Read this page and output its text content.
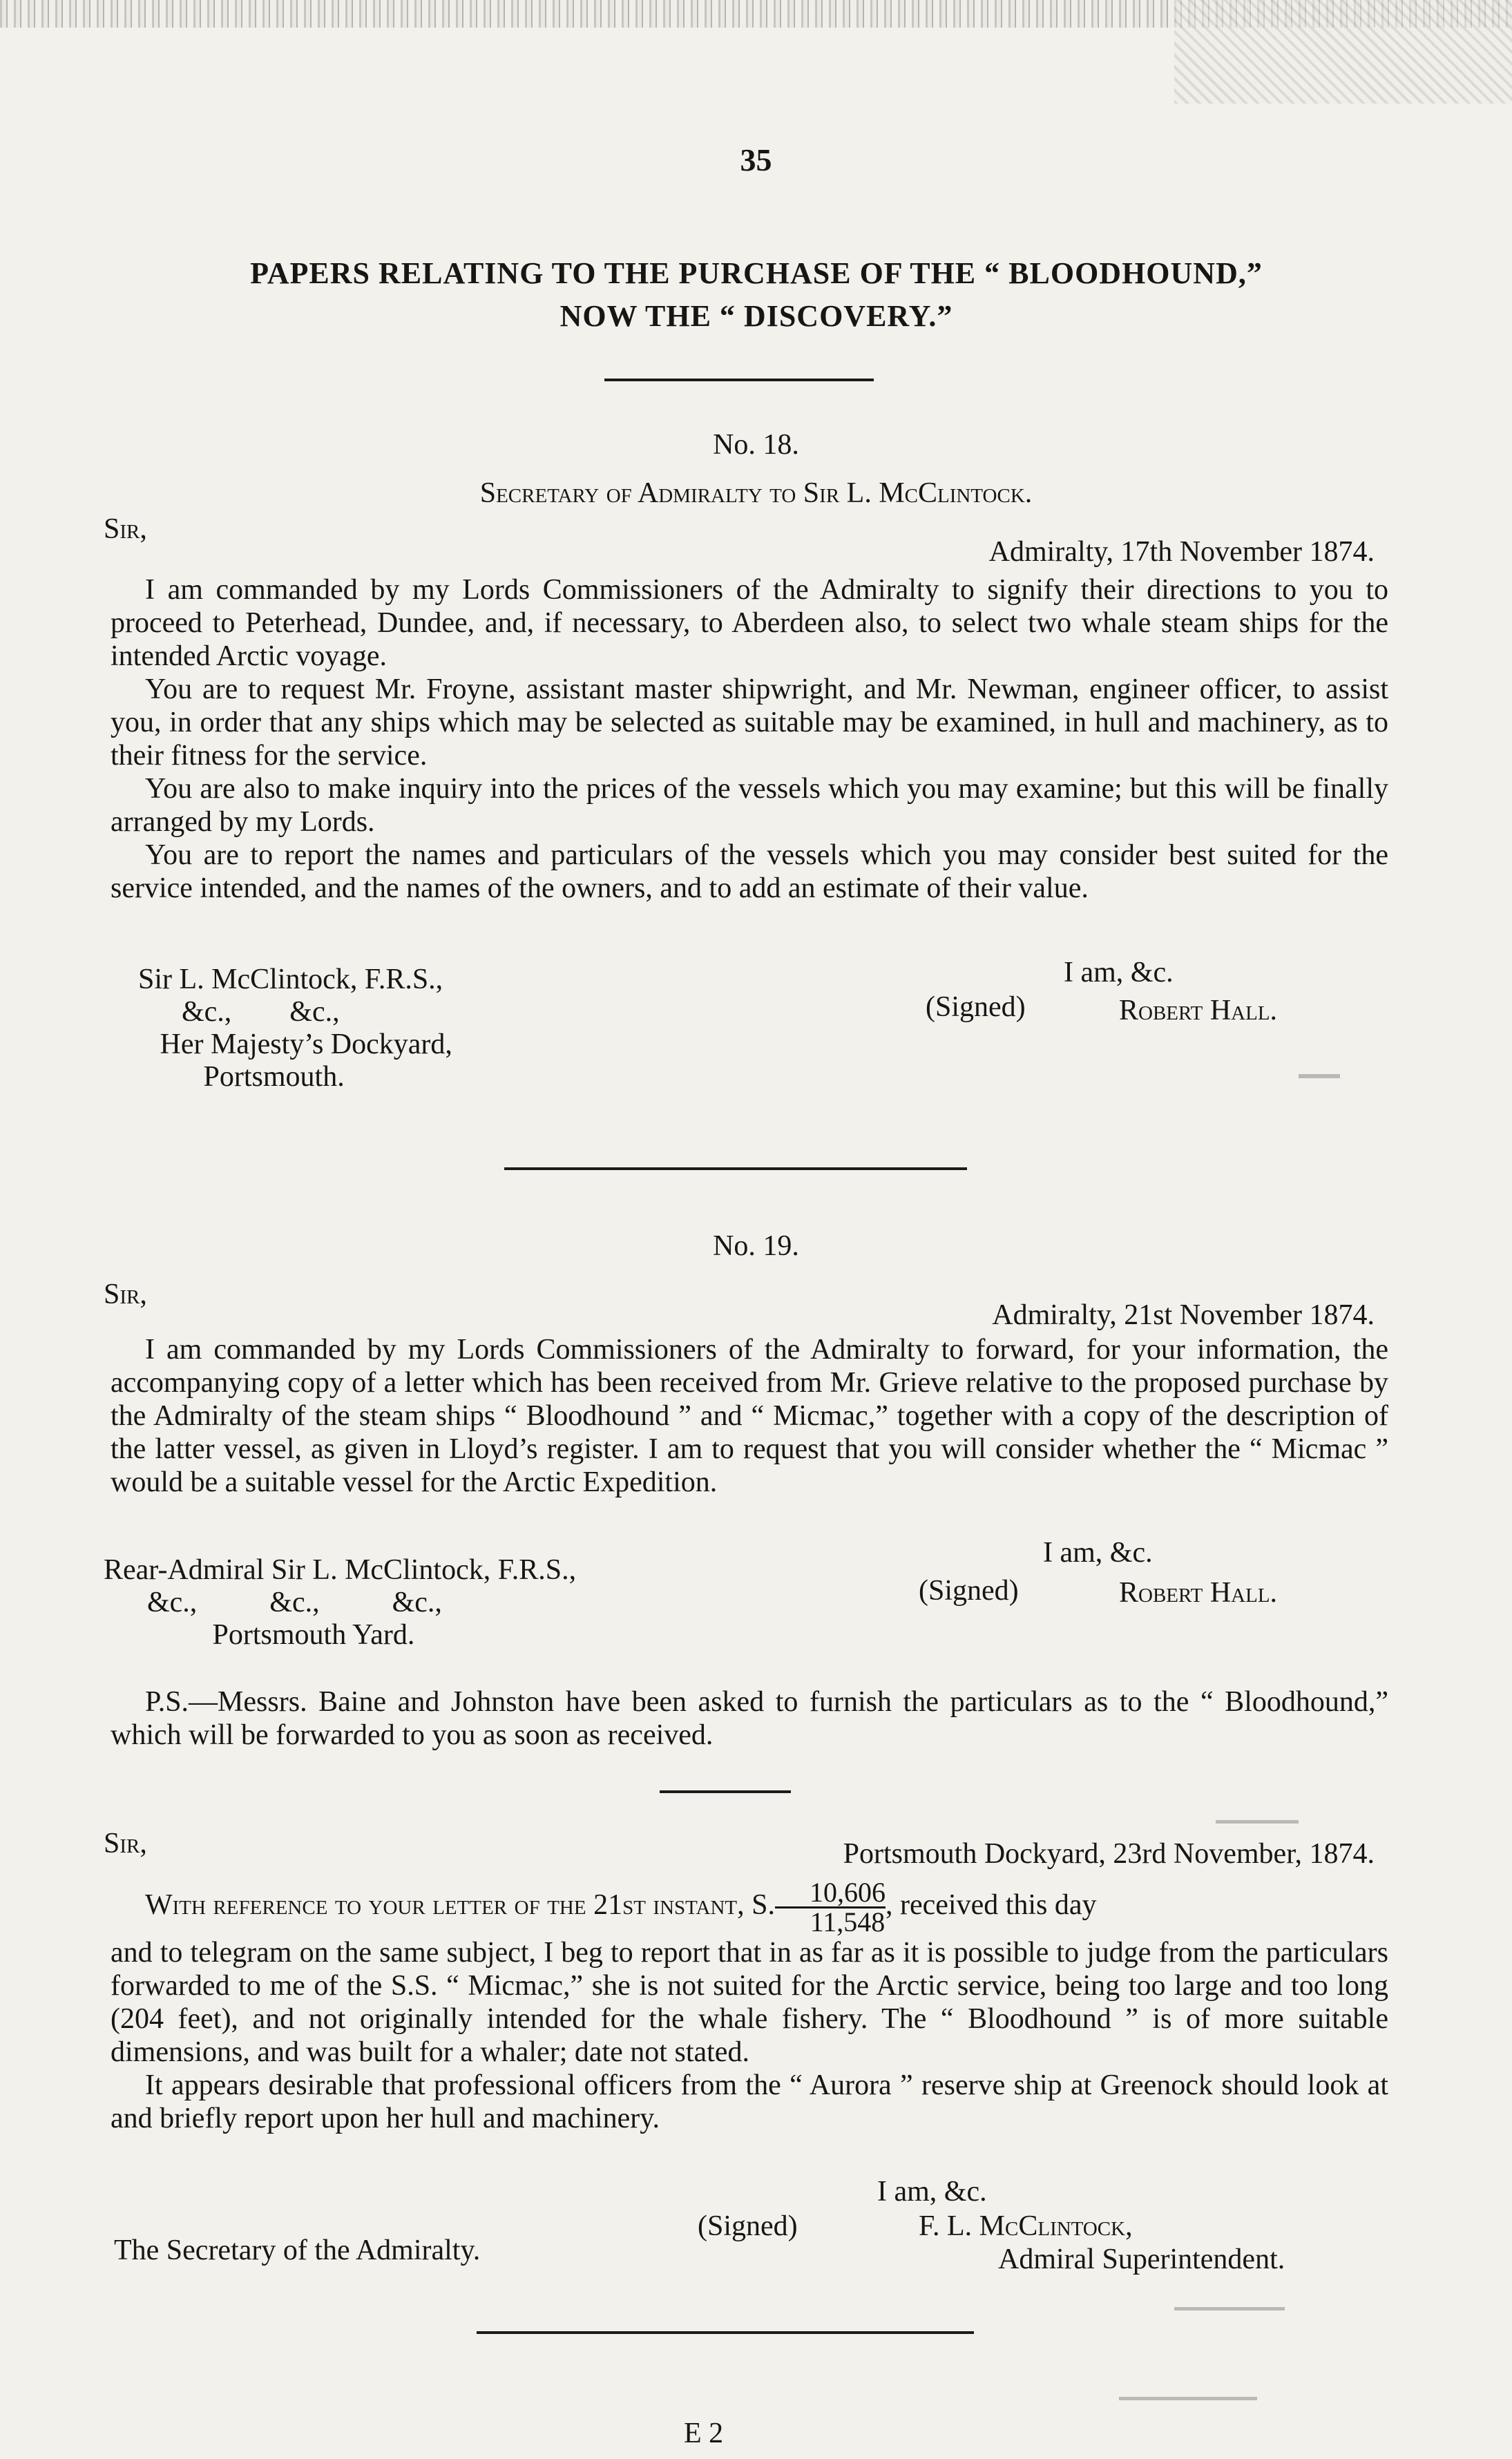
35
PAPERS RELATING TO THE PURCHASE OF THE “ BLOODHOUND,”
NOW THE “ DISCOVERY.”
No. 18.
Secretary of Admiralty to Sir L. McClintock.
Sir,
Admiralty, 17th November 1874.

I am commanded by my Lords Commissioners of the Admiralty to signify their directions to you to proceed to Peterhead, Dundee, and, if necessary, to Aberdeen also, to select two whale steam ships for the intended Arctic voyage.

You are to request Mr. Froyne, assistant master shipwright, and Mr. Newman, engineer officer, to assist you, in order that any ships which may be selected as suitable may be examined, in hull and machinery, as to their fitness for the service.

You are also to make inquiry into the prices of the vessels which you may examine; but this will be finally arranged by my Lords.

You are to report the names and particulars of the vessels which you may consider best suited for the service intended, and the names of the owners, and to add an estimate of their value.

Sir L. McClintock, F.R.S.,
&c.,        &c.,
Her Majesty’s Dockyard,
Portsmouth.
I am, &c.
(Signed)	Robert Hall.
No. 19.
Sir,
Admiralty, 21st November 1874.

I am commanded by my Lords Commissioners of the Admiralty to forward, for your information, the accompanying copy of a letter which has been received from Mr. Grieve relative to the proposed purchase by the Admiralty of the steam ships “ Bloodhound ” and “ Micmac,” together with a copy of the description of the latter vessel, as given in Lloyd’s register. I am to request that you will consider whether the “ Micmac ” would be a suitable vessel for the Arctic Expedition.

Rear-Admiral Sir L. McClintock, F.R.S.,
&c.,          &c.,          &c.,
Portsmouth Yard.
I am, &c.
(Signed)	Robert Hall.

P.S.—Messrs. Baine and Johnston have been asked to furnish the particulars as to the “ Bloodhound,” which will be forwarded to you as soon as received.

Sir,	Portsmouth Dockyard, 23rd November, 1874.

With reference to your letter of the 21st instant, S. $\frac{10,606}{11,548}$ , received this day

and to telegram on the same subject, I beg to report that in as far as it is possible to judge from the particulars forwarded to me of the S.S. “ Micmac,” she is not suited for the Arctic service, being too large and too long (204 feet), and not originally intended for the whale fishery. The “ Bloodhound ” is of more suitable dimensions, and was built for a whaler; date not stated.

It appears desirable that professional officers from the “ Aurora ” reserve ship at Greenock should look at and briefly report upon her hull and machinery.

I am, &c.
(Signed)	F. L. McClintock,
Admiral Superintendent.
The Secretary of the Admiralty.
E 2
